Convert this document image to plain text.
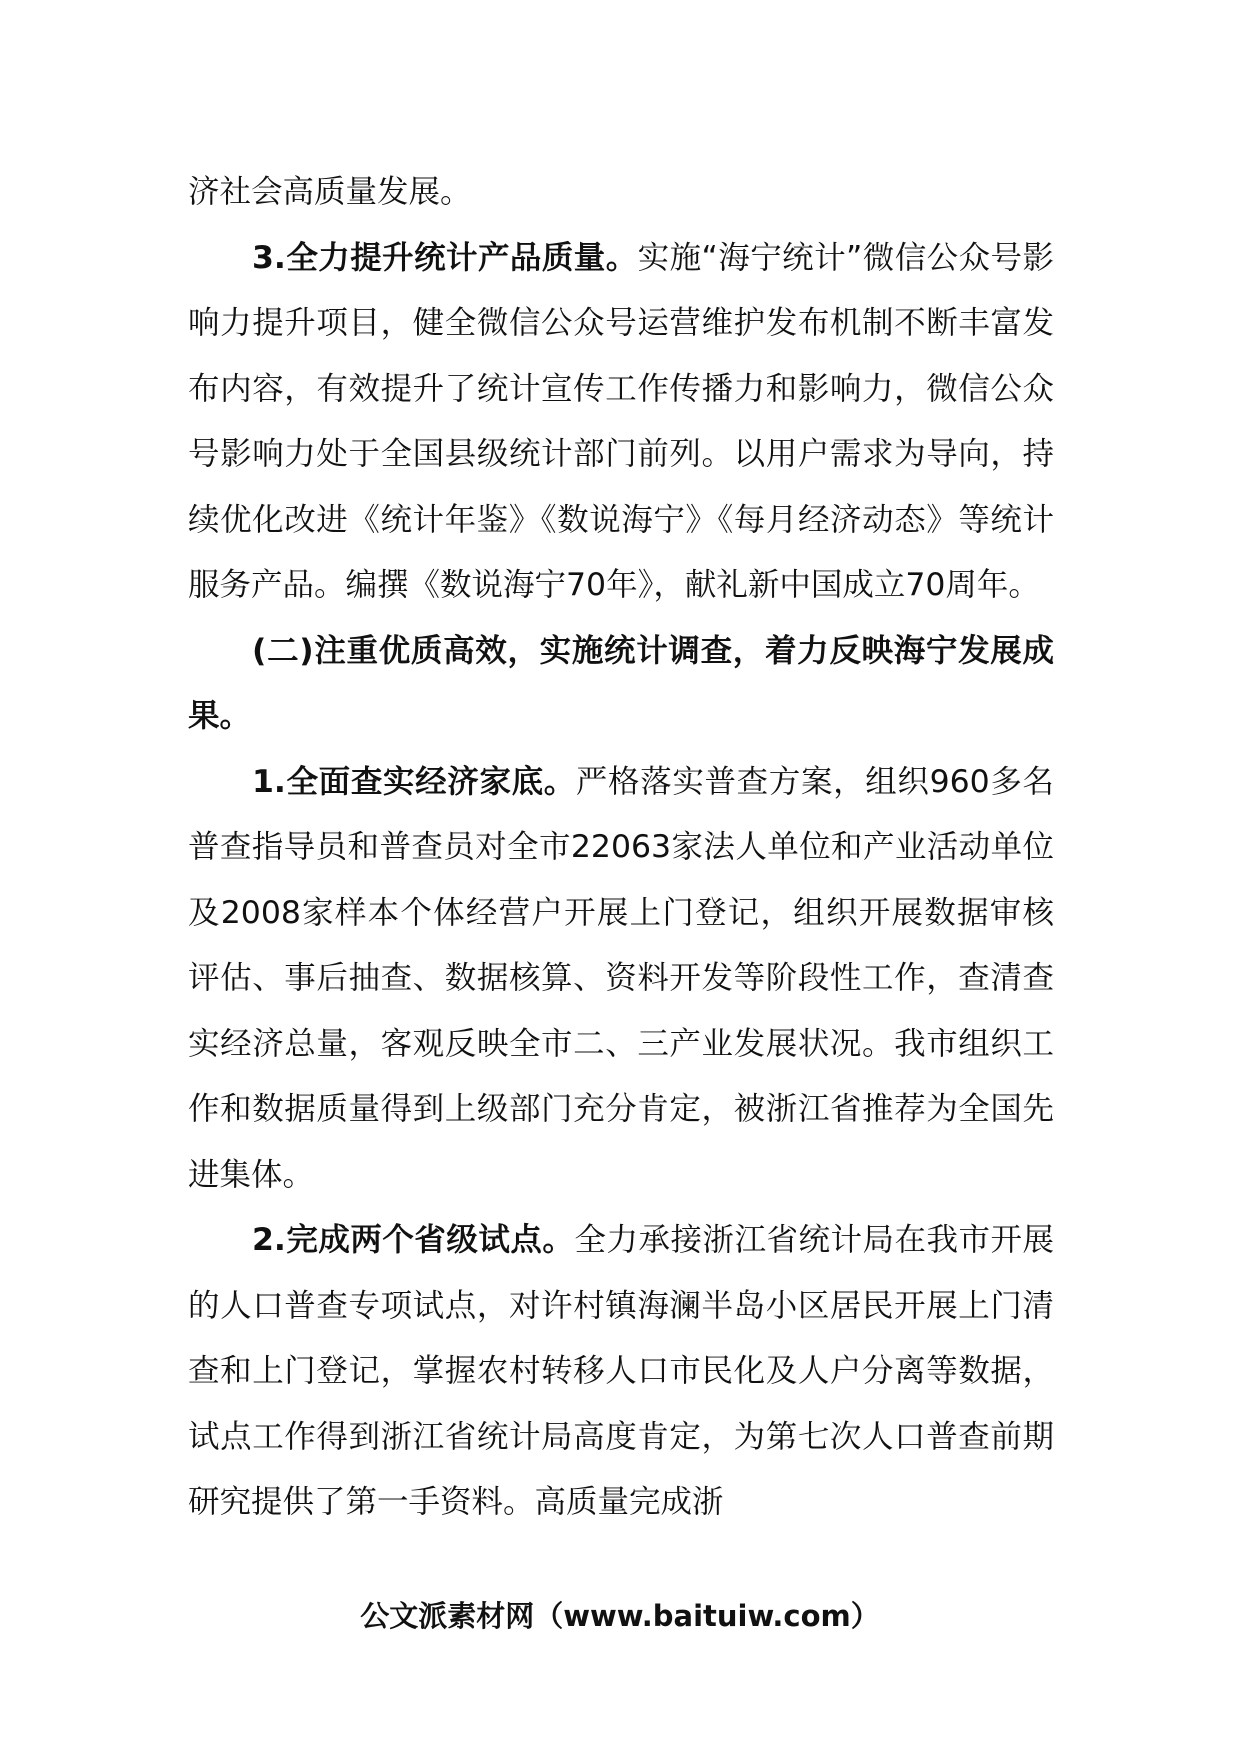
济社会高质量发展。

3.全力提升统计产品质量。实施“海宁统计”微信公众号影响力提升项目，健全微信公众号运营维护发布机制不断丰富发布内容，有效提升了统计宣传工作传播力和影响力，微信公众号影响力处于全国县级统计部门前列。以用户需求为导向，持续优化改进《统计年鉴》《数说海宁》《每月经济动态》等统计服务产品。编撰《数说海宁70年》，献礼新中国成立70周年。

(二)注重优质高效，实施统计调查，着力反映海宁发展成果。

1.全面查实经济家底。严格落实普查方案，组织960多名普查指导员和普查员对全市22063家法人单位和产业活动单位及2008家样本个体经营户开展上门登记，组织开展数据审核评估、事后抽查、数据核算、资料开发等阶段性工作，查清查实经济总量，客观反映全市二、三产业发展状况。我市组织工作和数据质量得到上级部门充分肯定，被浙江省推荐为全国先进集体。

2.完成两个省级试点。全力承接浙江省统计局在我市开展的人口普查专项试点，对许村镇海澜半岛小区居民开展上门清查和上门登记，掌握农村转移人口市民化及人户分离等数据，试点工作得到浙江省统计局高度肯定，为第七次人口普查前期研究提供了第一手资料。高质量完成浙

公文派素材网（www.baituiw.com）
